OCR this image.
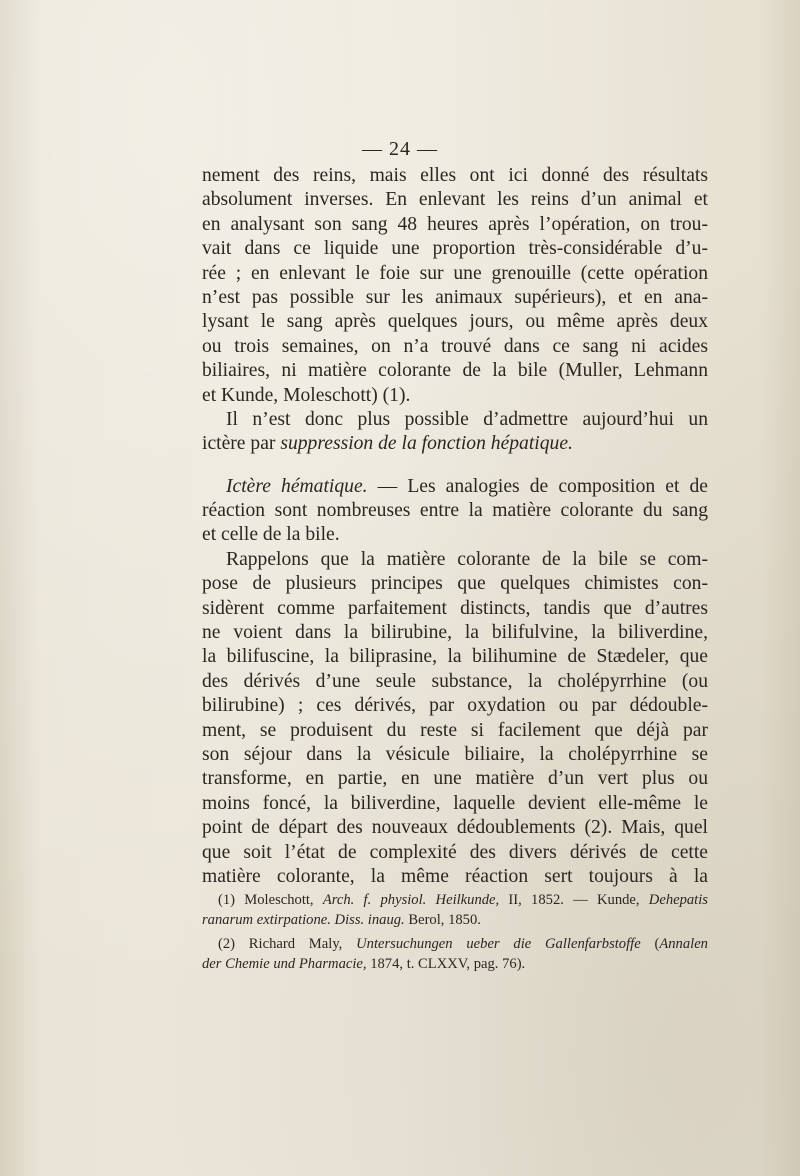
— 24 —
nement des reins, mais elles ont ici donné des résultats
absolument inverses. En enlevant les reins d’un animal et
en analysant son sang 48 heures après l’opération, on trou-
vait dans ce liquide une proportion très-considérable d’u-
rée ; en enlevant le foie sur une grenouille (cette opération
n’est pas possible sur les animaux supérieurs), et en ana-
lysant le sang après quelques jours, ou même après deux
ou trois semaines, on n’a trouvé dans ce sang ni acides
biliaires, ni matière colorante de la bile (Muller, Lehmann
et Kunde, Moleschott) (1).
Il n’est donc plus possible d’admettre aujourd’hui un
ictère par suppression de la fonction hépatique.
Ictère hématique. — Les analogies de composition et de
réaction sont nombreuses entre la matière colorante du sang
et celle de la bile.
Rappelons que la matière colorante de la bile se com-
pose de plusieurs principes que quelques chimistes con-
sidèrent comme parfaitement distincts, tandis que d’autres
ne voient dans la bilirubine, la bilifulvine, la biliverdine,
la bilifuscine, la biliprasine, la bilihumine de Stædeler, que
des dérivés d’une seule substance, la cholépyrrhine (ou
bilirubine) ; ces dérivés, par oxydation ou par dédouble-
ment, se produisent du reste si facilement que déjà par
son séjour dans la vésicule biliaire, la cholépyrrhine se
transforme, en partie, en une matière d’un vert plus ou
moins foncé, la biliverdine, laquelle devient elle-même le
point de départ des nouveaux dédoublements (2). Mais, quel
que soit l’état de complexité des divers dérivés de cette
matière colorante, la même réaction sert toujours à la
(1) Moleschott, Arch. f. physiol. Heilkunde, II, 1852. — Kunde, Dehepatis
ranarum extirpatione. Diss. inaug. Berol, 1850.
(2) Richard Maly, Untersuchungen ueber die Gallenfarbstoffe (Annalen
der Chemie und Pharmacie, 1874, t. CLXXV, pag. 76).
